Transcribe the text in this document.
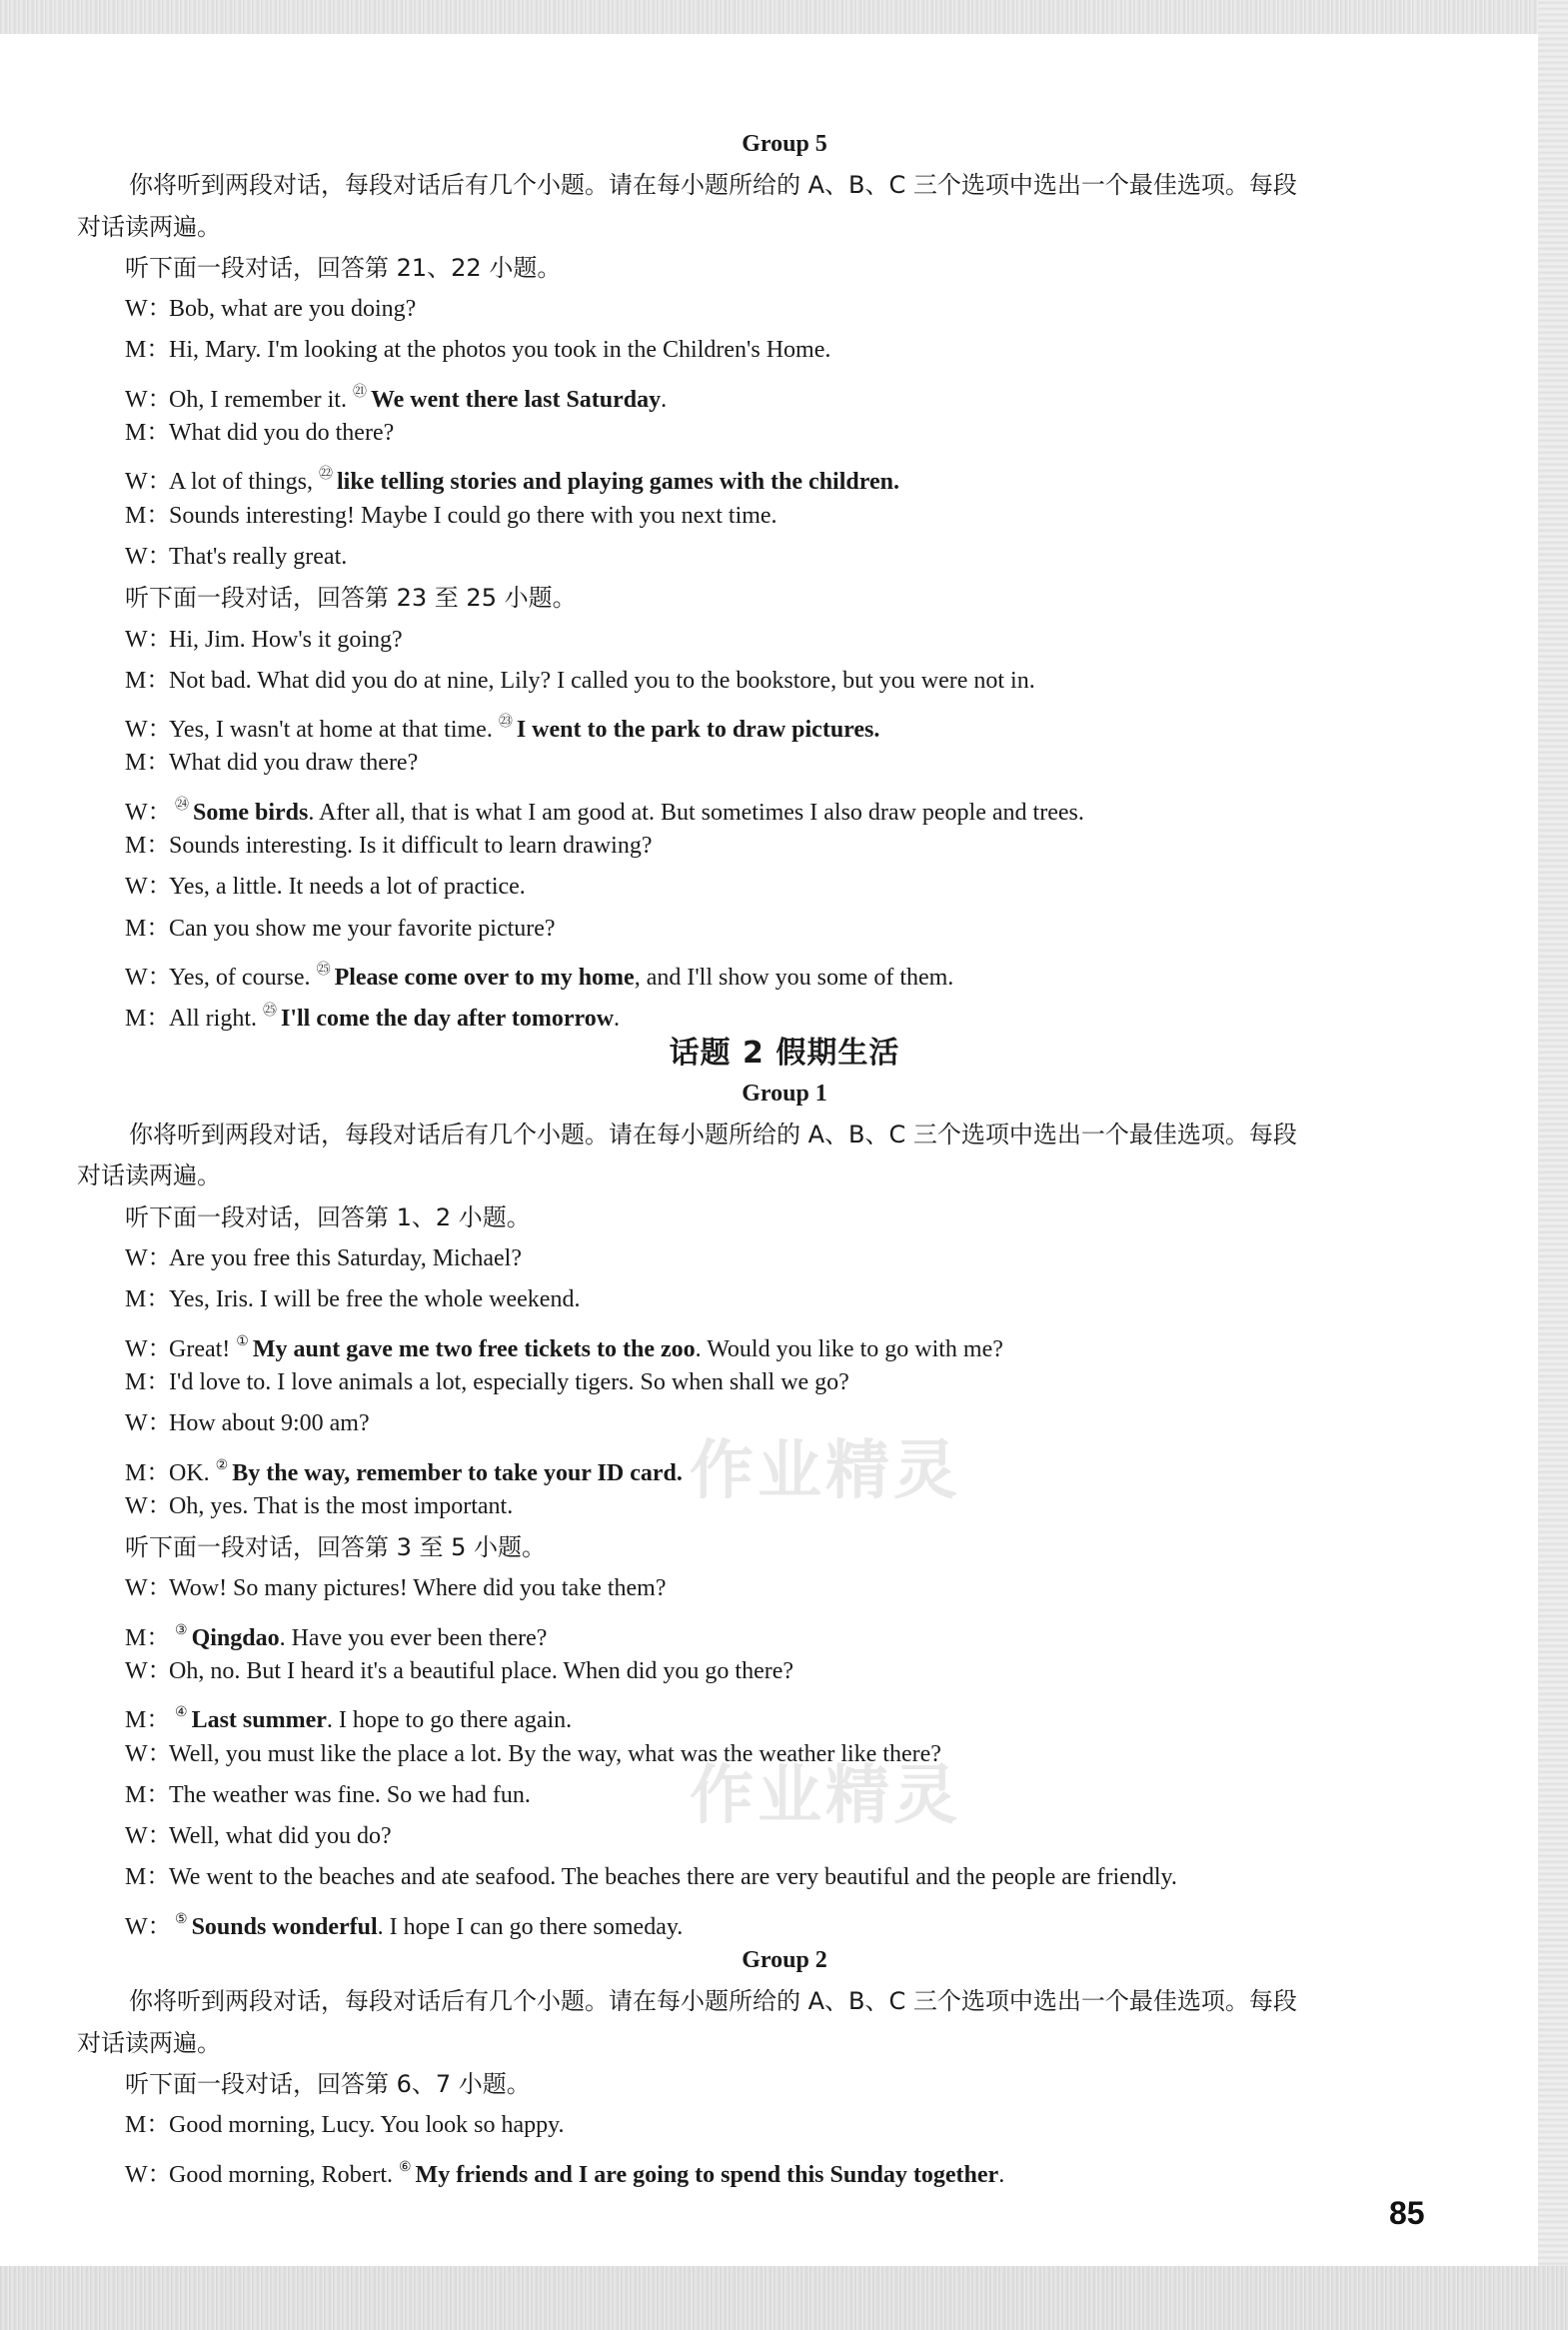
作业精灵
作业精灵
Group 5
你将听到两段对话，每段对话后有几个小题。请在每小题所给的 A、B、C 三个选项中选出一个最佳选项。每段
对话读两遍。
听下面一段对话，回答第 21、22 小题。
W：Bob, what are you doing?
M：Hi, Mary. I'm looking at the photos you took in the Children's Home.
W：Oh, I remember it. $^㉑$ We went there last Saturday.
M：What did you do there?
W：A lot of things, $^㉒$ like telling stories and playing games with the children.
M：Sounds interesting! Maybe I could go there with you next time.
W：That's really great.
听下面一段对话，回答第 23 至 25 小题。
W：Hi, Jim. How's it going?
M：Not bad. What did you do at nine, Lily? I called you to the bookstore, but you were not in.
W：Yes, I wasn't at home at that time. $^㉓$ I went to the park to draw pictures.
M：What did you draw there?
W： $^㉔$ Some birds. After all, that is what I am good at. But sometimes I also draw people and trees.
M：Sounds interesting. Is it difficult to learn drawing?
W：Yes, a little. It needs a lot of practice.
M：Can you show me your favorite picture?
W：Yes, of course. $^㉕$ Please come over to my home, and I'll show you some of them.
M：All right. $^㉕$ I'll come the day after tomorrow.
话题 2 假期生活
Group 1
你将听到两段对话，每段对话后有几个小题。请在每小题所给的 A、B、C 三个选项中选出一个最佳选项。每段
对话读两遍。
听下面一段对话，回答第 1、2 小题。
W：Are you free this Saturday, Michael?
M：Yes, Iris. I will be free the whole weekend.
W：Great! ① My aunt gave me two free tickets to the zoo. Would you like to go with me?
M：I'd love to. I love animals a lot, especially tigers. So when shall we go?
W：How about 9:00 am?
M：OK. ② By the way, remember to take your ID card.
W：Oh, yes. That is the most important.
听下面一段对话，回答第 3 至 5 小题。
W：Wow! So many pictures! Where did you take them?
M： ③ Qingdao. Have you ever been there?
W：Oh, no. But I heard it's a beautiful place. When did you go there?
M： ④ Last summer. I hope to go there again.
W：Well, you must like the place a lot. By the way, what was the weather like there?
M：The weather was fine. So we had fun.
W：Well, what did you do?
M：We went to the beaches and ate seafood. The beaches there are very beautiful and the people are friendly.
W： ⑤ Sounds wonderful. I hope I can go there someday.
Group 2
你将听到两段对话，每段对话后有几个小题。请在每小题所给的 A、B、C 三个选项中选出一个最佳选项。每段
对话读两遍。
听下面一段对话，回答第 6、7 小题。
M：Good morning, Lucy. You look so happy.
W：Good morning, Robert. ⑥ My friends and I are going to spend this Sunday together.
85
